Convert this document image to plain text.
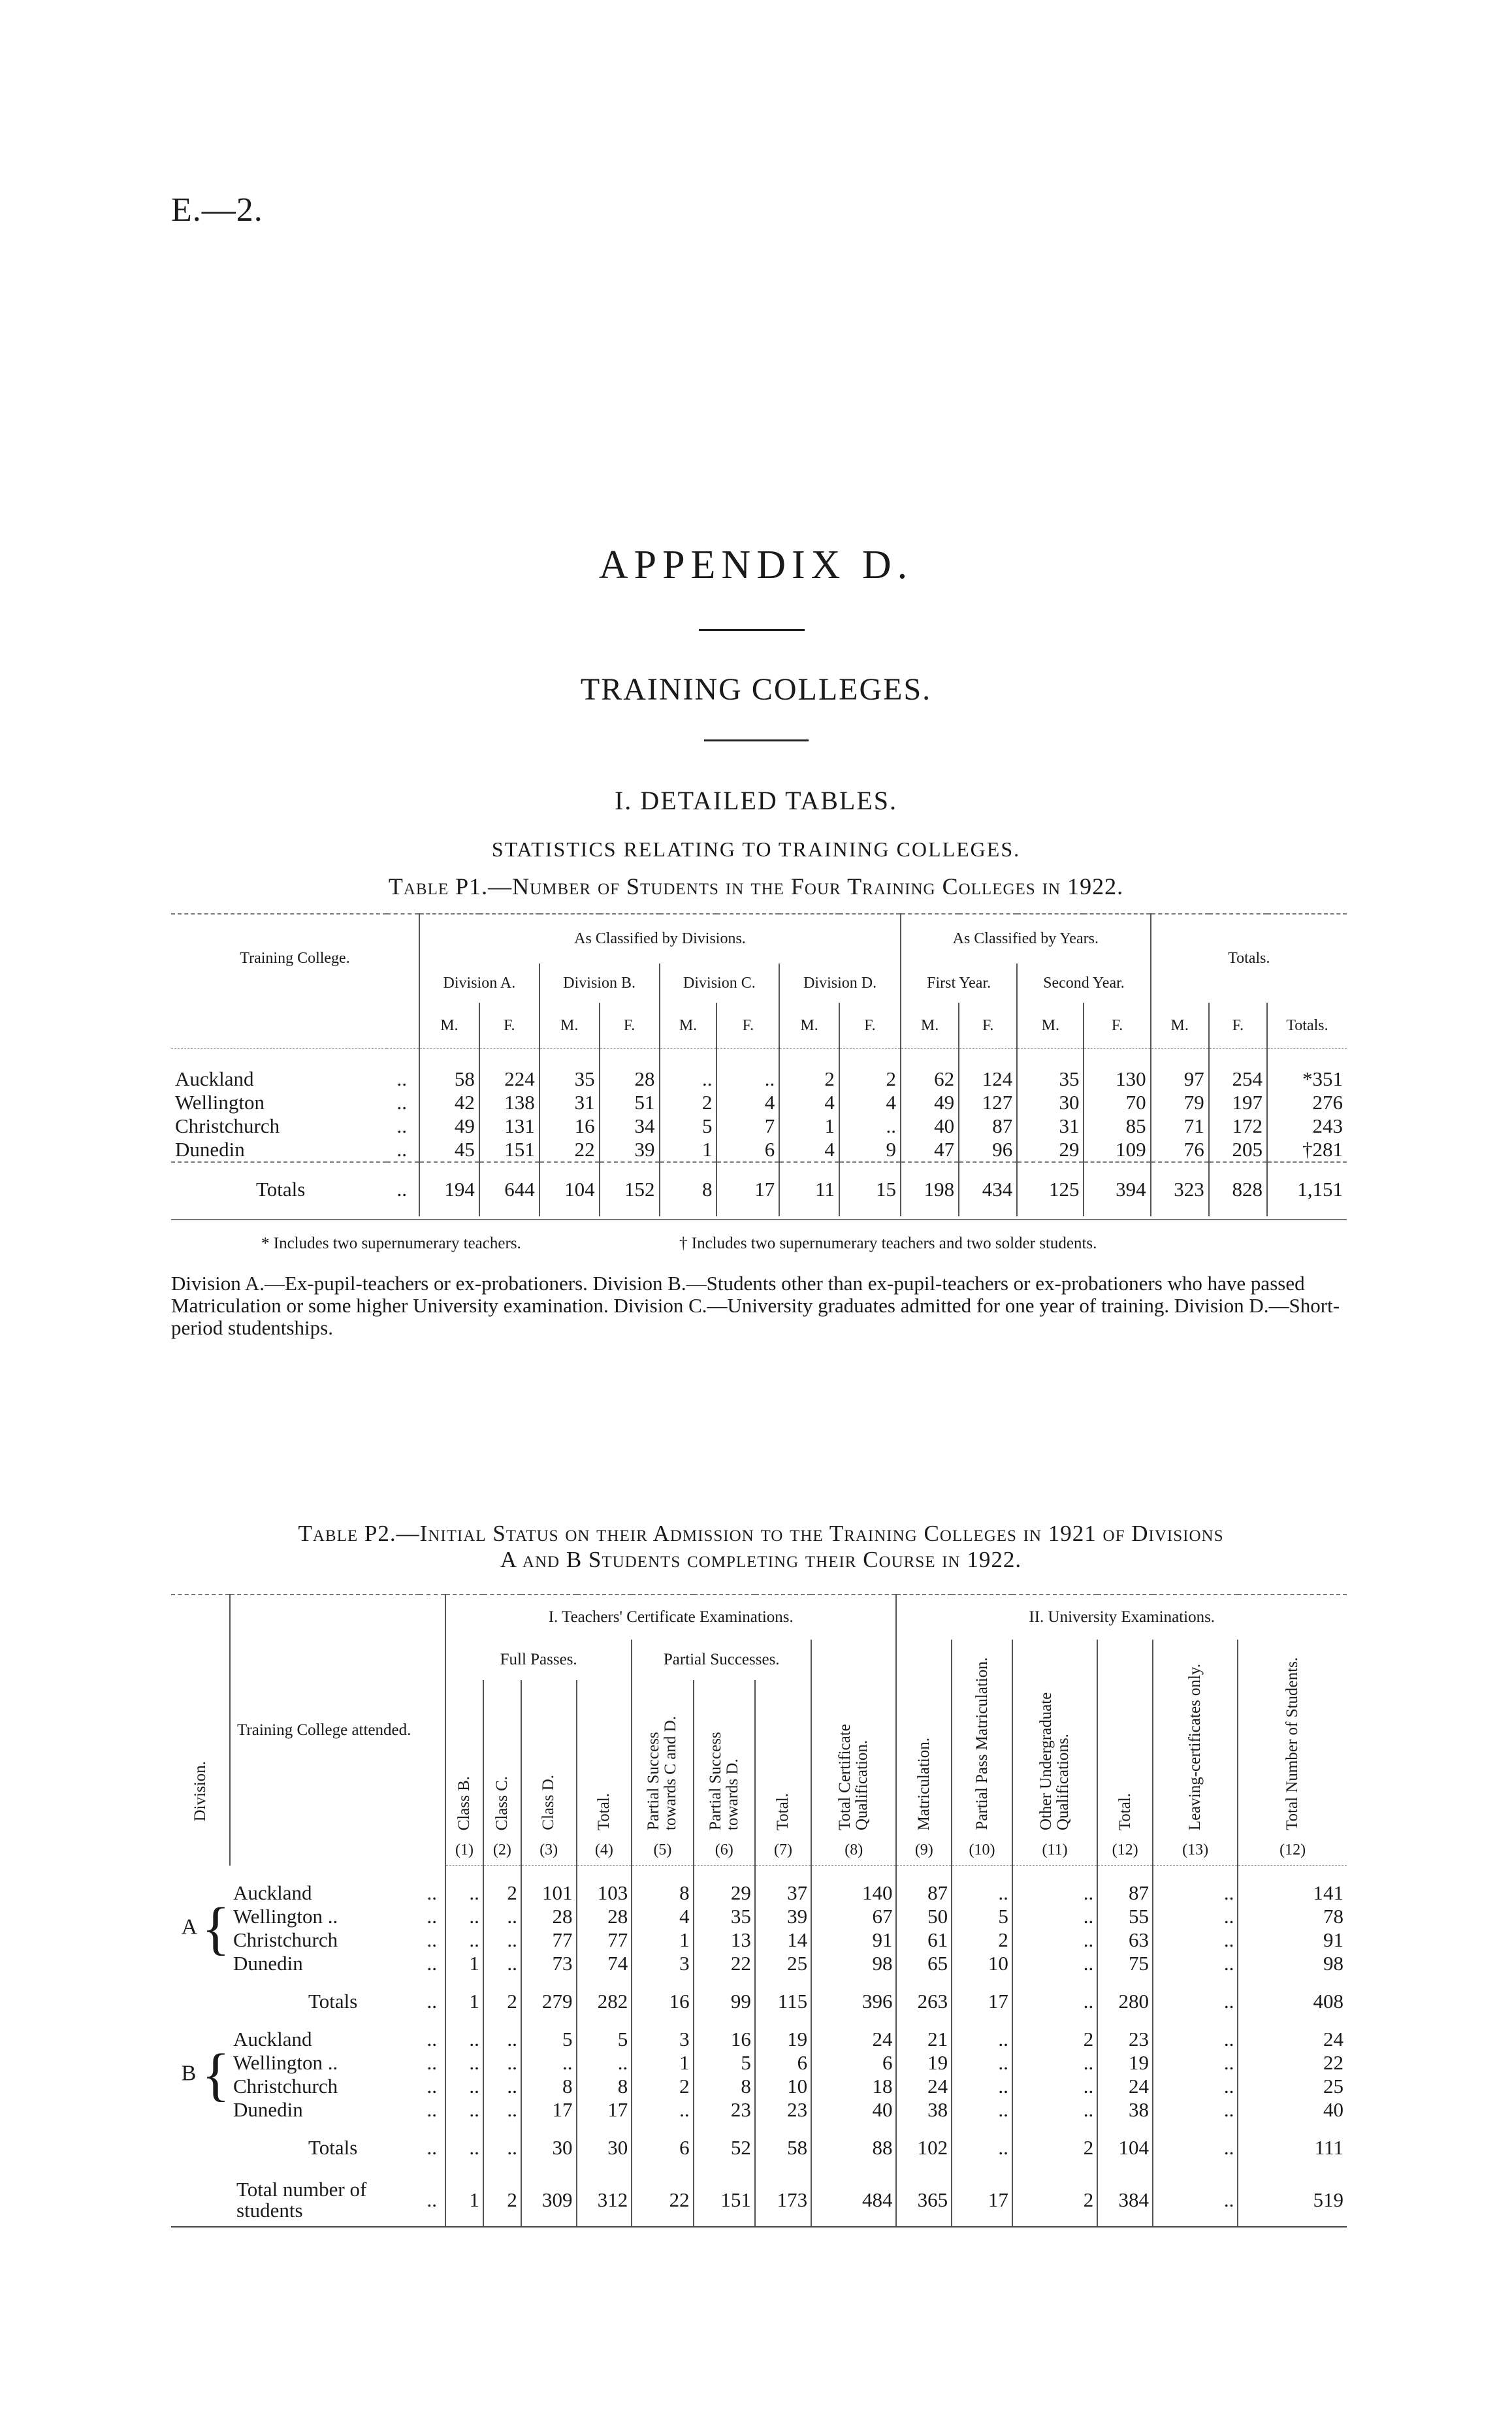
E.—2.
APPENDIX D.
TRAINING COLLEGES.
I. DETAILED TABLES.
STATISTICS RELATING TO TRAINING COLLEGES.
Table P1.—Number of Students in the Four Training Colleges in 1922.
Training College.		As Classified by Divisions.								As Classified by Years.				Totals.		
		Division A.		Division B.		Division C.		Division D.		First Year.		Second Year.				
		M.	F.	M.	F.	M.	F.	M.	F.	M.	F.	M.	F.	M.	F.	Totals.

Auckland	..	58	224	35	28	..	..	2	2	62	124	35	130	97	254	*351
Wellington	..	42	138	31	51	2	4	4	4	49	127	30	70	79	197	276
Christchurch	..	49	131	16	34	5	7	1	..	40	87	31	85	71	172	243
Dunedin	..	45	151	22	39	1	6	4	9	47	96	29	109	76	205	†281
Totals	..	194	644	104	152	8	17	11	15	198	434	125	394	323	828	1,151
* Includes two supernumerary teachers.	† Includes two supernumerary teachers and two solder students.
Division A.—Ex-pupil-teachers or ex-probationers. Division B.—Students other than ex-pupil-teachers or ex-probationers who have passed Matriculation or some higher University examination. Division C.—University graduates admitted for one year of training. Division D.—Short-period studentships.
Table P2.—Initial Status on their Admission to the Training Colleges in 1921 of Divisions
A and B Students completing their Course in 1922.
Division.	Training College attended.		I. Teachers' Certificate Examinations.								II. University Examinations.					
			Full Passes.				Partial Successes.			Total Certificate Qualification.	Matriculation.	Partial Pass Matriculation.	Other Undergraduate Qualifications.	Total.	Leaving-certificates only.	Total Number of Students.
			Class B.	Class C.	Class D.	Total.	Partial Success towards C and D.	Partial Success towards D.	Total.							
			(1)	(2)	(3)	(4)	(5)	(6)	(7)	(8)	(9)	(10)	(11)	(12)	(13)	(12)

A {	Auckland	..	..	2	101	103	8	29	37	140	87	..	..	87	..	141
	Wellington ..	..	..	..	28	28	4	35	39	67	50	5	..	55	..	78
	Christchurch	..	..	..	77	77	1	13	14	91	61	2	..	63	..	91
	Dunedin	..	1	..	73	74	3	22	25	98	65	10	..	75	..	98
	Totals	..	1	2	279	282	16	99	115	396	263	17	..	280	..	408
B {	Auckland	..	..	..	5	5	3	16	19	24	21	..	2	23	..	24
	Wellington ..	..	..	..	..	..	1	5	6	6	19	..	..	19	..	22
	Christchurch	..	..	..	8	8	2	8	10	18	24	..	..	24	..	25
	Dunedin	..	..	..	17	17	..	23	23	40	38	..	..	38	..	40
	Totals	..	..	..	30	30	6	52	58	88	102	..	2	104	..	111
	Total number of students	..	1	2	309	312	22	151	173	484	365	17	2	384	..	519
